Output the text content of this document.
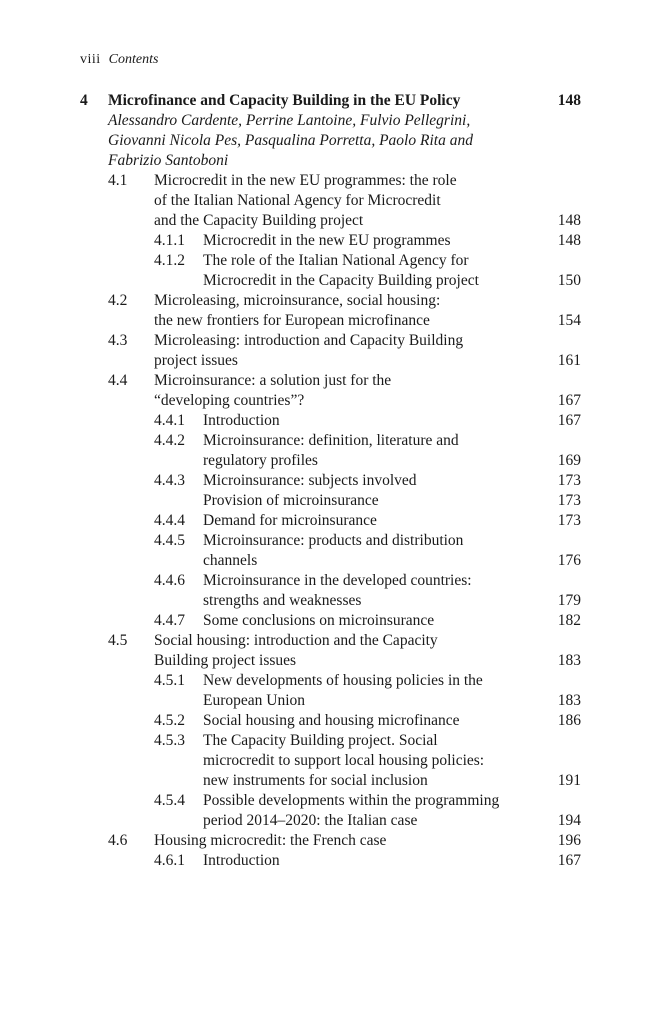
viii Contents
4 Microfinance and Capacity Building in the EU Policy	148
Alessandro Cardente, Perrine Lantoine, Fulvio Pellegrini,
Giovanni Nicola Pes, Pasqualina Porretta, Paolo Rita and
Fabrizio Santoboni
4.1 Microcredit in the new EU programmes: the role
of the Italian National Agency for Microcredit
and the Capacity Building project	148
4.1.1 Microcredit in the new EU programmes	148
4.1.2 The role of the Italian National Agency for
Microcredit in the Capacity Building project	150
4.2 Microleasing, microinsurance, social housing:
the new frontiers for European microfinance	154
4.3 Microleasing: introduction and Capacity Building
project issues	161
4.4 Microinsurance: a solution just for the
“developing countries”?	167
4.4.1 Introduction	167
4.4.2 Microinsurance: definition, literature and
regulatory profiles	169
4.4.3 Microinsurance: subjects involved	173
Provision of microinsurance	173
4.4.4 Demand for microinsurance	173
4.4.5 Microinsurance: products and distribution
channels	176
4.4.6 Microinsurance in the developed countries:
strengths and weaknesses	179
4.4.7 Some conclusions on microinsurance	182
4.5 Social housing: introduction and the Capacity
Building project issues	183
4.5.1 New developments of housing policies in the
European Union	183
4.5.2 Social housing and housing microfinance	186
4.5.3 The Capacity Building project. Social
microcredit to support local housing policies:
new instruments for social inclusion	191
4.5.4 Possible developments within the programming
period 2014–2020: the Italian case	194
4.6 Housing microcredit: the French case	196
4.6.1 Introduction	167
